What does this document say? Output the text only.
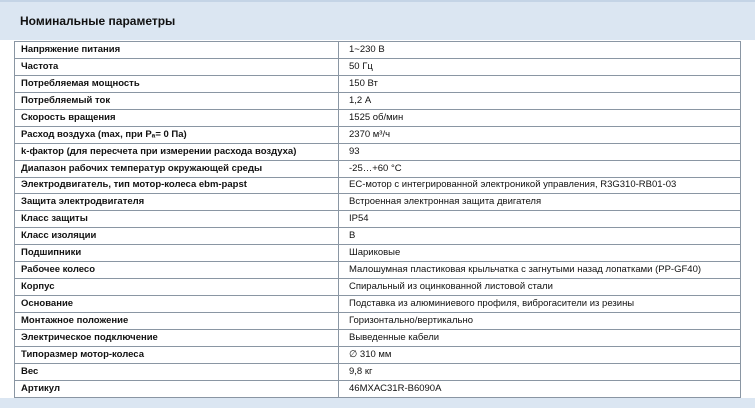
Номинальные параметры
Напряжение питания	1~230 В
Частота	50 Гц
Потребляемая мощность	150 Вт
Потребляемый ток	1,2 А
Скорость вращения	1525 об/мин
Расход воздуха (max, при Pₐ= 0 Па)	2370 м³/ч
k-фактор (для пересчета при измерении расхода воздуха)	93
Диапазон рабочих температур окружающей среды	-25…+60 °C
Электродвигатель, тип мотор-колеса ebm-papst	EC-мотор с интегрированной электроникой управления, R3G310-RB01-03
Защита электродвигателя	Встроенная электронная защита двигателя
Класс защиты	IP54
Класс изоляции	B
Подшипники	Шариковые
Рабочее колесо	Малошумная пластиковая крыльчатка с загнутыми назад лопатками (PP-GF40)
Корпус	Спиральный из оцинкованной листовой стали
Основание	Подставка из алюминиевого профиля, виброгасители из резины
Монтажное положение	Горизонтально/вертикально
Электрическое подключение	Выведенные кабели
Типоразмер мотор-колеса	∅ 310 мм
Вес	9,8 кг
Артикул	46MXAC31R-B6090A
